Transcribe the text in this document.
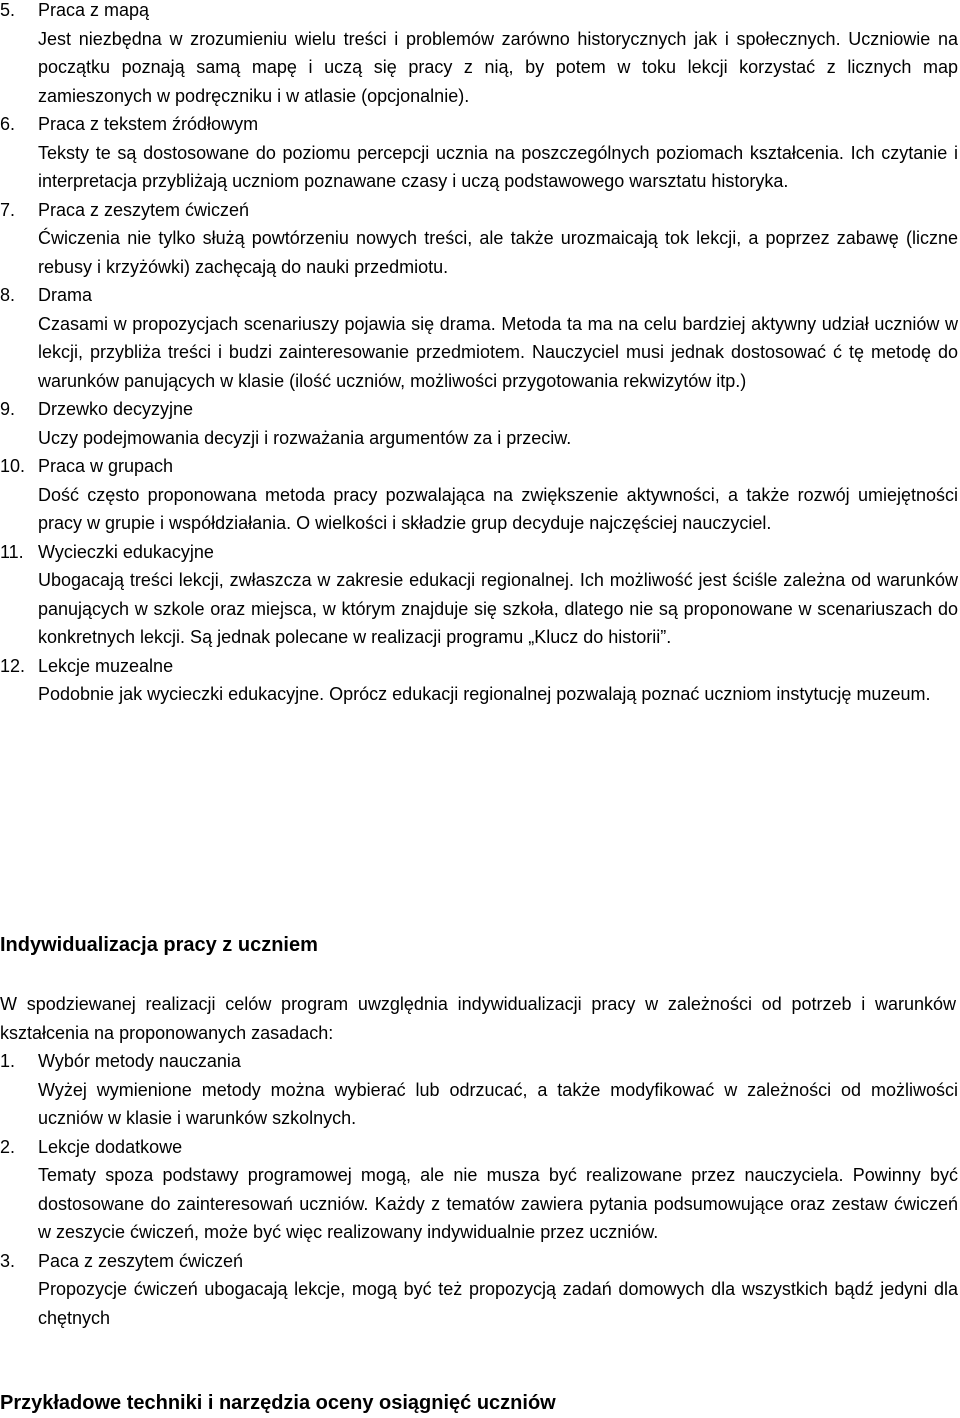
5. Praca z mapą
Jest niezbędna w zrozumieniu wielu treści i problemów zarówno historycznych jak i społecznych. Uczniowie na początku poznają samą mapę i uczą się pracy z nią, by potem w toku lekcji korzystać z licznych map zamieszonych w podręczniku i w atlasie (opcjonalnie).
6. Praca z tekstem źródłowym
Teksty te są dostosowane do poziomu percepcji ucznia na poszczególnych poziomach kształcenia. Ich czytanie i interpretacja przybliżają uczniom poznawane czasy i uczą podstawowego warsztatu historyka.
7. Praca z zeszytem ćwiczeń
Ćwiczenia nie tylko służą powtórzeniu nowych treści, ale także urozmaicają tok lekcji, a poprzez zabawę (liczne rebusy i krzyżówki) zachęcają do nauki przedmiotu.
8. Drama
Czasami w propozycjach scenariuszy pojawia się drama. Metoda ta ma na celu bardziej aktywny udział uczniów w lekcji, przybliża treści i budzi zainteresowanie przedmiotem. Nauczyciel musi jednak dostosować ć tę metodę do warunków panujących w klasie (ilość uczniów, możliwości przygotowania rekwizytów itp.)
9. Drzewko decyzyjne
Uczy podejmowania decyzji i rozważania argumentów za i przeciw.
10. Praca w grupach
Dość często proponowana metoda pracy pozwalająca na zwiększenie aktywności, a także rozwój umiejętności pracy w grupie i współdziałania. O wielkości i składzie grup decyduje najczęściej nauczyciel.
11. Wycieczki edukacyjne
Ubogacają treści lekcji, zwłaszcza w zakresie edukacji regionalnej. Ich możliwość jest ściśle zależna od warunków panujących w szkole oraz miejsca, w którym znajduje się szkoła, dlatego nie są proponowane w scenariuszach do konkretnych lekcji. Są jednak polecane w realizacji programu „Klucz do historii”.
12. Lekcje muzealne
Podobnie jak wycieczki edukacyjne. Oprócz edukacji regionalnej pozwalają poznać uczniom instytucję muzeum.
Indywidualizacja pracy z uczniem

W spodziewanej realizacji celów program uwzględnia indywidualizacji pracy w zależności od potrzeb i warunków kształcenia na proponowanych zasadach:

1. Wybór metody nauczania
Wyżej wymienione metody można wybierać lub odrzucać, a także modyfikować w zależności od możliwości uczniów w klasie i warunków szkolnych.
2. Lekcje dodatkowe
Tematy spoza podstawy programowej mogą, ale nie musza być realizowane przez nauczyciela. Powinny być dostosowane do zainteresowań uczniów. Każdy z tematów zawiera pytania podsumowujące oraz zestaw ćwiczeń w zeszycie ćwiczeń, może być więc realizowany indywidualnie przez uczniów.
3. Paca z zeszytem ćwiczeń
Propozycje ćwiczeń ubogacają lekcje, mogą być też propozycją zadań domowych dla wszystkich bądź jedyni dla chętnych
Przykładowe techniki i narzędzia oceny osiągnięć uczniów
